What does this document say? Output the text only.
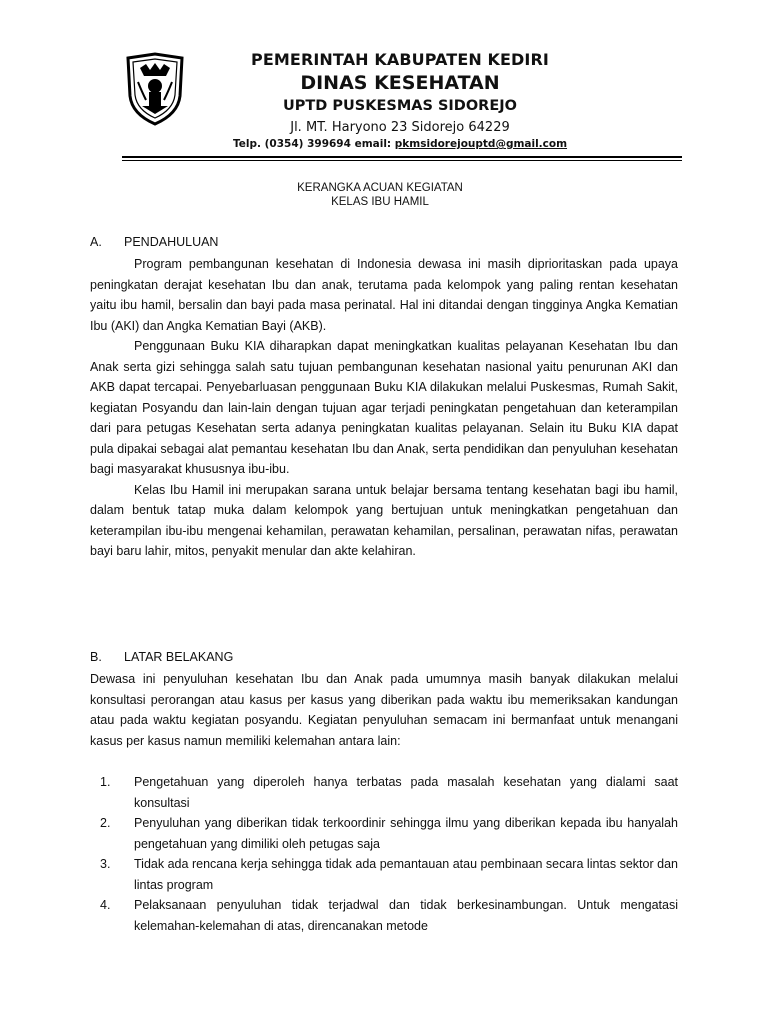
PEMERINTAH KABUPATEN KEDIRI
DINAS KESEHATAN
UPTD PUSKESMAS SIDOREJO
Jl. MT. Haryono 23 Sidorejo 64229
Telp. (0354) 399694 email: pkmsidorejouptd@gmail.com
KERANGKA ACUAN KEGIATAN
KELAS IBU HAMIL
A. PENDAHULUAN

Program pembangunan kesehatan di Indonesia dewasa ini masih diprioritaskan pada upaya peningkatan derajat kesehatan Ibu dan anak, terutama pada kelompok yang paling rentan kesehatan yaitu ibu hamil, bersalin dan bayi pada masa perinatal. Hal ini ditandai dengan tingginya Angka Kematian Ibu (AKI) dan Angka Kematian Bayi (AKB).

Penggunaan Buku KIA diharapkan dapat meningkatkan kualitas pelayanan Kesehatan Ibu dan Anak serta gizi sehingga salah satu tujuan pembangunan kesehatan nasional yaitu penurunan AKI dan AKB dapat tercapai. Penyebarluasan penggunaan Buku KIA dilakukan melalui Puskesmas, Rumah Sakit, kegiatan Posyandu dan lain-lain dengan tujuan agar terjadi peningkatan pengetahuan dan keterampilan dari para petugas Kesehatan serta adanya peningkatan kualitas pelayanan. Selain itu Buku KIA dapat pula dipakai sebagai alat pemantau kesehatan Ibu dan Anak, serta pendidikan dan penyuluhan kesehatan bagi masyarakat khususnya ibu-ibu.

Kelas Ibu Hamil ini merupakan sarana untuk belajar bersama tentang kesehatan bagi ibu hamil, dalam bentuk tatap muka dalam kelompok yang bertujuan untuk meningkatkan pengetahuan dan keterampilan ibu-ibu mengenai kehamilan, perawatan kehamilan, persalinan, perawatan nifas, perawatan bayi baru lahir, mitos, penyakit menular dan akte kelahiran.

B. LATAR BELAKANG
Dewasa ini penyuluhan kesehatan Ibu dan Anak pada umumnya masih banyak dilakukan melalui konsultasi perorangan atau kasus per kasus yang diberikan pada waktu ibu memeriksakan kandungan atau pada waktu kegiatan posyandu. Kegiatan penyuluhan semacam ini bermanfaat untuk menangani kasus per kasus namun memiliki kelemahan antara lain:
1. Pengetahuan yang diperoleh hanya terbatas pada masalah kesehatan yang dialami saat konsultasi
2. Penyuluhan yang diberikan tidak terkoordinir sehingga ilmu yang diberikan kepada ibu hanyalah pengetahuan yang dimiliki oleh petugas saja
3. Tidak ada rencana kerja sehingga tidak ada pemantauan atau pembinaan secara lintas sektor dan lintas program
4. Pelaksanaan penyuluhan tidak terjadwal dan tidak berkesinambungan. Untuk mengatasi kelemahan-kelemahan di atas, direncanakan metode
